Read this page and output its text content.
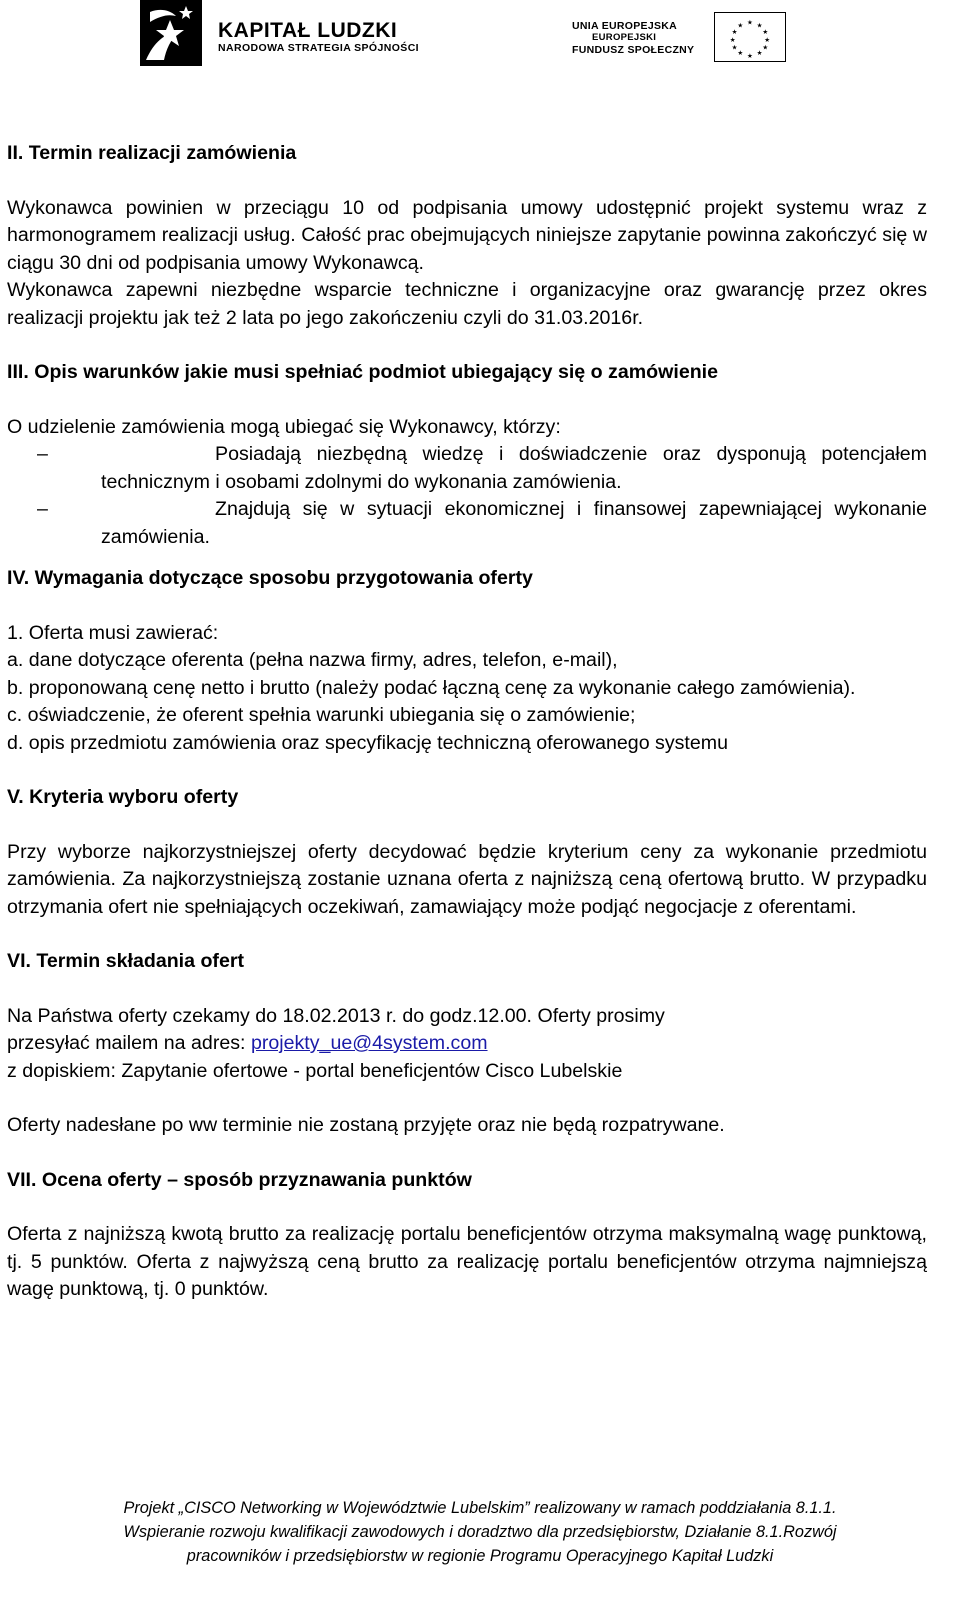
KAPITAŁ LUDZKI
NARODOWA STRATEGIA SPÓJNOŚCI
UNIA EUROPEJSKA
EUROPEJSKI
FUNDUSZ SPOŁECZNY
★ ★
★
★
★
★
★
★
★
★
★
★

II. Termin realizacji zamówienia

Wykonawca powinien w przeciągu 10 od podpisania umowy udostępnić projekt systemu wraz z harmonogramem realizacji usług. Całość prac obejmujących niniejsze zapytanie powinna zakończyć się w ciągu 30 dni od podpisania umowy Wykonawcą.

Wykonawca zapewni niezbędne wsparcie techniczne i organizacyjne oraz gwarancję przez okres realizacji projektu jak też 2 lata po jego zakończeniu czyli do 31.03.2016r.

III. Opis warunków jakie musi spełniać podmiot ubiegający się o zamówienie

O udzielenie zamówienia mogą ubiegać się Wykonawcy, którzy:

–	Posiadają niezbędną wiedzę i doświadczenie oraz dysponują potencjałem technicznym i osobami zdolnymi do wykonania zamówienia.
–	Znajdują się w sytuacji ekonomicznej i finansowej zapewniającej wykonanie zamówienia.

IV. Wymagania dotyczące sposobu przygotowania oferty

1. Oferta musi zawierać:

a. dane dotyczące oferenta (pełna nazwa firmy, adres, telefon, e-mail),

b. proponowaną cenę netto i brutto (należy podać łączną cenę za wykonanie całego zamówienia).

c. oświadczenie, że oferent spełnia warunki ubiegania się o zamówienie;

d. opis przedmiotu zamówienia oraz specyfikację techniczną oferowanego systemu

V. Kryteria wyboru oferty

Przy wyborze najkorzystniejszej oferty decydować będzie kryterium ceny za wykonanie przedmiotu zamówienia. Za najkorzystniejszą zostanie uznana oferta z najniższą ceną ofertową brutto. W przypadku otrzymania ofert nie spełniających oczekiwań, zamawiający może podjąć negocjacje z oferentami.

VI. Termin składania ofert

Na Państwa oferty czekamy do 18.02.2013 r. do godz.12.00. Oferty prosimy

przesyłać mailem na adres: projekty_ue@4system.com

z dopiskiem: Zapytanie ofertowe - portal beneficjentów Cisco Lubelskie

Oferty nadesłane po ww terminie nie zostaną przyjęte oraz nie będą rozpatrywane.

VII. Ocena oferty – sposób przyznawania punktów

Oferta z najniższą kwotą brutto za realizację portalu beneficjentów otrzyma maksymalną wagę punktową, tj. 5 punktów. Oferta z najwyższą ceną brutto za realizację portalu beneficjentów otrzyma najmniejszą wagę punktową, tj. 0 punktów.

Projekt „CISCO Networking w Województwie Lubelskim” realizowany w ramach poddziałania 8.1.1.
Wspieranie rozwoju kwalifikacji zawodowych i doradztwo dla przedsiębiorstw, Działanie 8.1.Rozwój
pracowników i przedsiębiorstw w regionie Programu Operacyjnego Kapitał Ludzki
